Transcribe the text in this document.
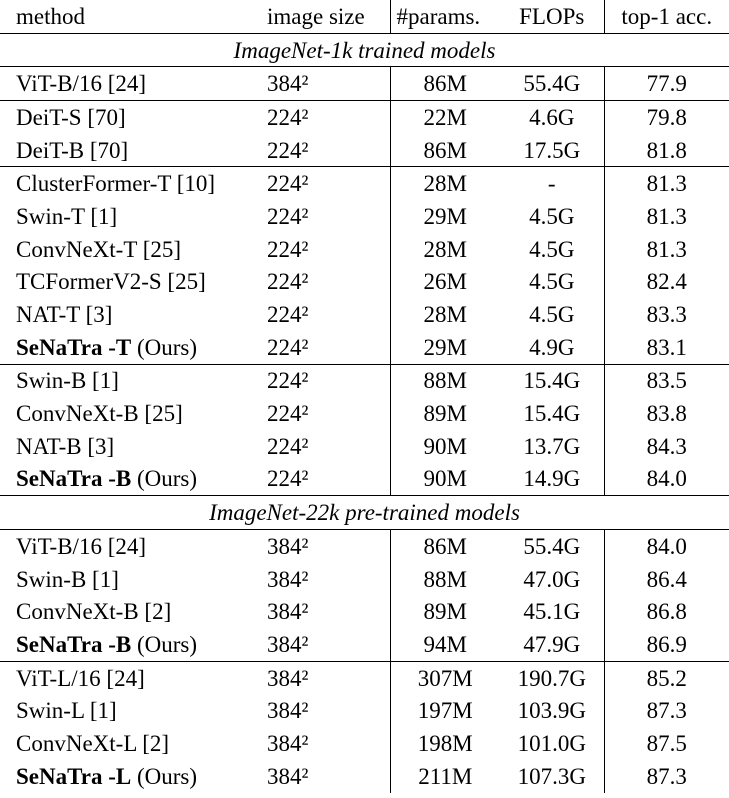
method	image size	#params.	FLOPs	top-1 acc.
ImageNet-1k trained models				
ViT-B/16 [24]	384²	86M	55.4G	77.9
DeiT-S [70]	224²	22M	4.6G	79.8
DeiT-B [70]	224²	86M	17.5G	81.8
ClusterFormer-T [10]	224²	28M	-	81.3
Swin-T [1]	224²	29M	4.5G	81.3
ConvNeXt-T [25]	224²	28M	4.5G	81.3
TCFormerV2-S [25]	224²	26M	4.5G	82.4
NAT-T [3]	224²	28M	4.5G	83.3
SeNaTra -T (Ours)	224²	29M	4.9G	83.1
Swin-B [1]	224²	88M	15.4G	83.5
ConvNeXt-B [25]	224²	89M	15.4G	83.8
NAT-B [3]	224²	90M	13.7G	84.3
SeNaTra -B (Ours)	224²	90M	14.9G	84.0
ImageNet-22k pre-trained models				
ViT-B/16 [24]	384²	86M	55.4G	84.0
Swin-B [1]	384²	88M	47.0G	86.4
ConvNeXt-B [2]	384²	89M	45.1G	86.8
SeNaTra -B (Ours)	384²	94M	47.9G	86.9
ViT-L/16 [24]	384²	307M	190.7G	85.2
Swin-L [1]	384²	197M	103.9G	87.3
ConvNeXt-L [2]	384²	198M	101.0G	87.5
SeNaTra -L (Ours)	384²	211M	107.3G	87.3
